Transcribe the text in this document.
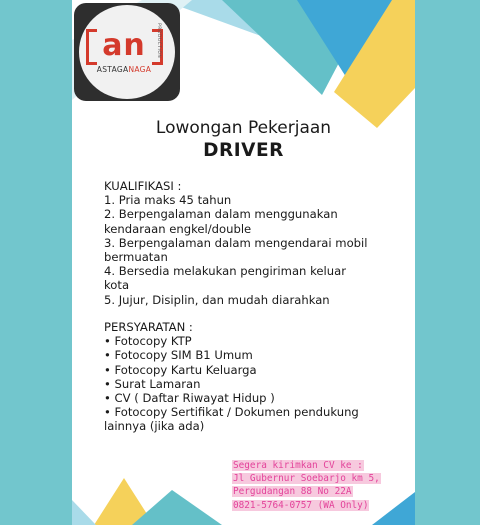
an
ASTAGANAGA
PRODUCTION
Lowongan Pekerjaan
DRIVER
KUALIFIKASI :
1. Pria maks 45 tahun
2. Berpengalaman dalam menggunakan
kendaraan engkel/double
3. Berpengalaman dalam mengendarai mobil
bermuatan
4. Bersedia melakukan pengiriman keluar
kota
5. Jujur, Disiplin, dan mudah diarahkan
PERSYARATAN :
• Fotocopy KTP
• Fotocopy SIM B1 Umum
• Fotocopy Kartu Keluarga
• Surat Lamaran
• CV ( Daftar Riwayat Hidup )
• Fotocopy Sertifikat / Dokumen pendukung
lainnya (jika ada)
Segera kirimkan CV ke :
Jl Gubernur Soebarjo km 5,
Pergudangan 88 No 22A
0821-5764-0757 (WA Only)
